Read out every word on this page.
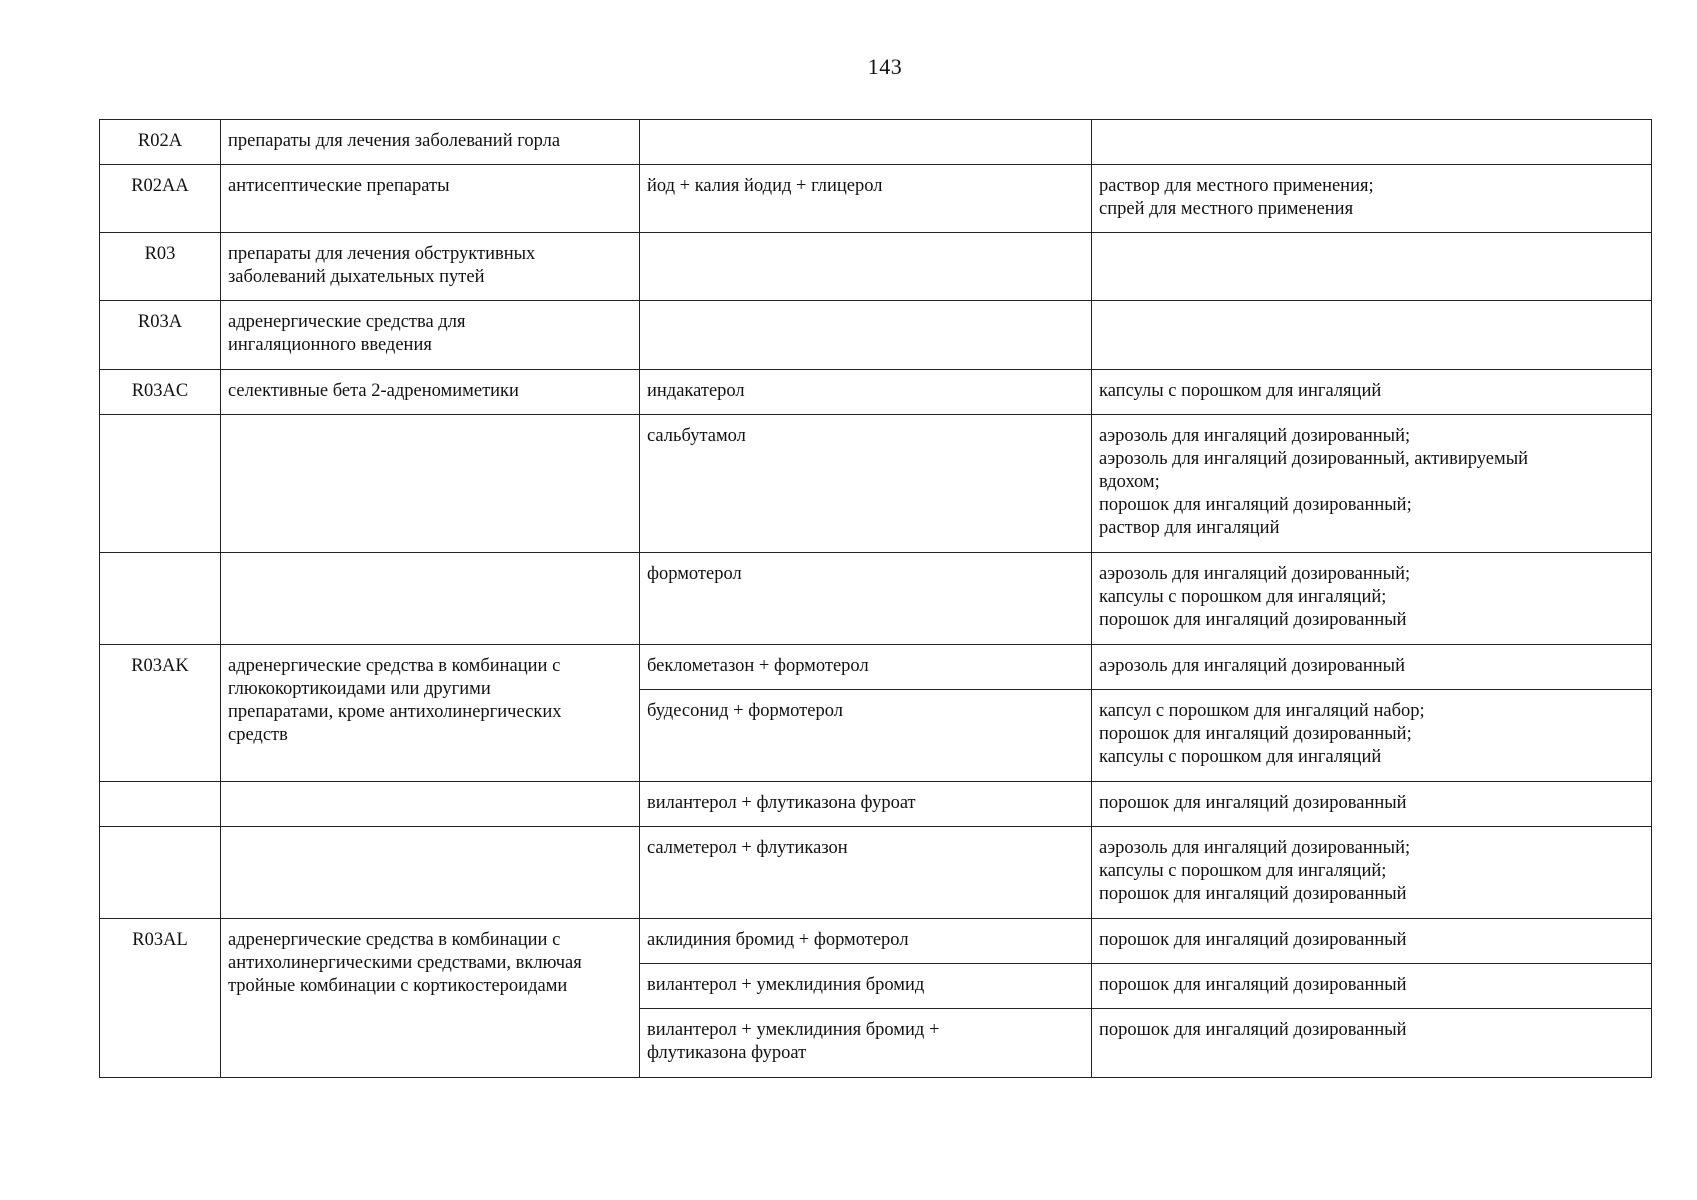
143
R02A	препараты для лечения заболеваний горла		

R02AA	антисептические препараты	йод + калия йодид + глицерол	раствор для местного применения;
спрей для местного применения

R03	препараты для лечения обструктивных
заболеваний дыхательных путей		

R03A	адренергические средства для
ингаляционного введения		

R03AC	селективные бета 2-адреномиметики	индакатерол	капсулы с порошком для ингаляций

		сальбутамол	аэрозоль для ингаляций дозированный;
аэрозоль для ингаляций дозированный, активируемый
вдохом;
порошок для ингаляций дозированный;
раствор для ингаляций

		формотерол	аэрозоль для ингаляций дозированный;
капсулы с порошком для ингаляций;
порошок для ингаляций дозированный

R03AK	адренергические средства в комбинации с
глюкокортикоидами или другими
препаратами, кроме антихолинергических
средств	беклометазон + формотерол	аэрозоль для ингаляций дозированный

		будесонид + формотерол	капсул с порошком для ингаляций набор;
порошок для ингаляций дозированный;
капсулы с порошком для ингаляций

		вилантерол + флутиказона фуроат	порошок для ингаляций дозированный

		салметерол + флутиказон	аэрозоль для ингаляций дозированный;
капсулы с порошком для ингаляций;
порошок для ингаляций дозированный

R03AL	адренергические средства в комбинации с
антихолинергическими средствами, включая
тройные комбинации с кортикостероидами	аклидиния бромид + формотерол	порошок для ингаляций дозированный

		вилантерол + умеклидиния бромид	порошок для ингаляций дозированный

		вилантерол + умеклидиния бромид +
флутиказона фуроат	порошок для ингаляций дозированный
